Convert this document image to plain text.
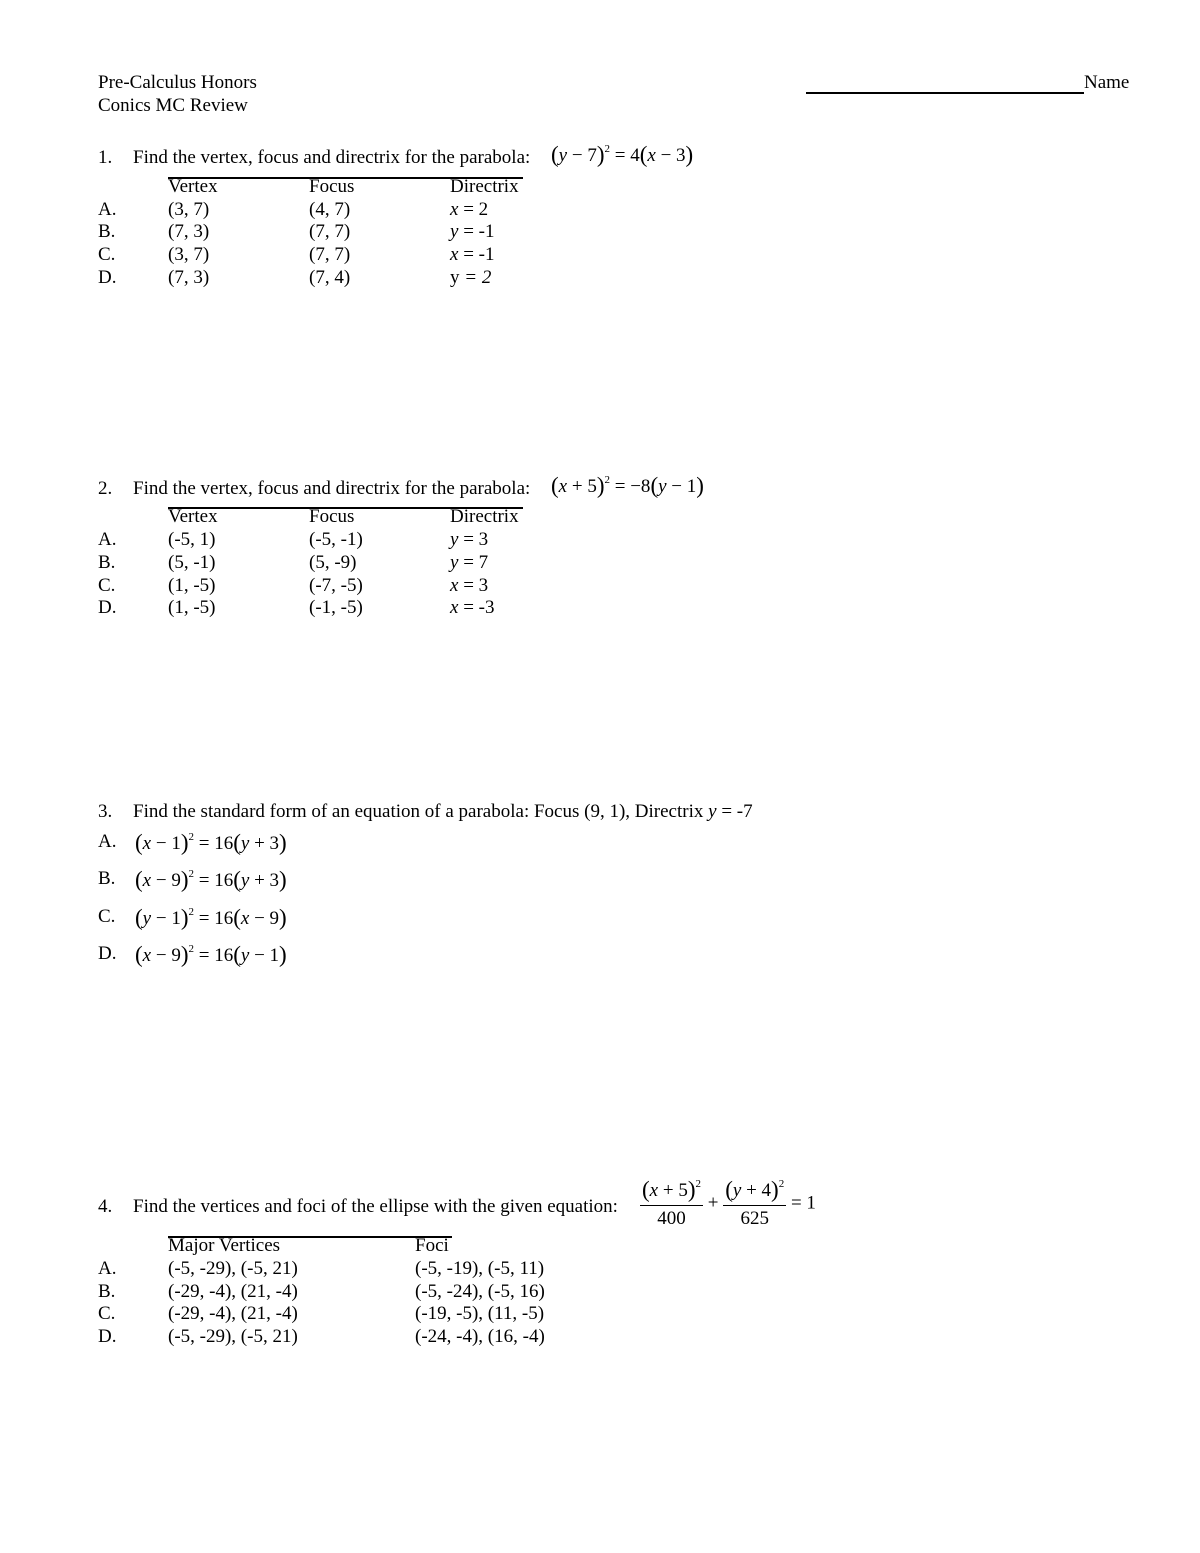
Pre-Calculus Honors
Conics MC Review
Name
1. Find the vertex, focus and directrix for the parabola: $(y - 7)^2 = 4(x - 3)$
Vertex	Focus	Directrix
A.	(3, 7)	(4, 7)	x = 2
B.	(7, 3)	(7, 7)	y = -1
C.	(3, 7)	(7, 7)	x = -1
D.	(7, 3)	(7, 4)	y = 2
2. Find the vertex, focus and directrix for the parabola: $(x + 5)^2 = -8(y - 1)$
Vertex	Focus	Directrix
A.	(-5, 1)	(-5, -1)	y = 3
B.	(5, -1)	(5, -9)	y = 7
C.	(1, -5)	(-7, -5)	x = 3
D.	(1, -5)	(-1, -5)	x = -3
3. Find the standard form of an equation of a parabola: Focus (9, 1), Directrix y = -7
A. $(x - 1)^2 = 16(y + 3)$
B. $(x - 9)^2 = 16(y + 3)$
C. $(y - 1)^2 = 16(x - 9)$
D. $(x - 9)^2 = 16(y - 1)$
4. Find the vertices and foci of the ellipse with the given equation: $\frac{(x + 5)^2}{400} + \frac{(y + 4)^2}{625} = 1$
Major Vertices	Foci
A.	(-5, -29), (-5, 21)	(-5, -19), (-5, 11)
B.	(-29, -4), (21, -4)	(-5, -24), (-5, 16)
C.	(-29, -4), (21, -4)	(-19, -5), (11, -5)
D.	(-5, -29), (-5, 21)	(-24, -4), (16, -4)
